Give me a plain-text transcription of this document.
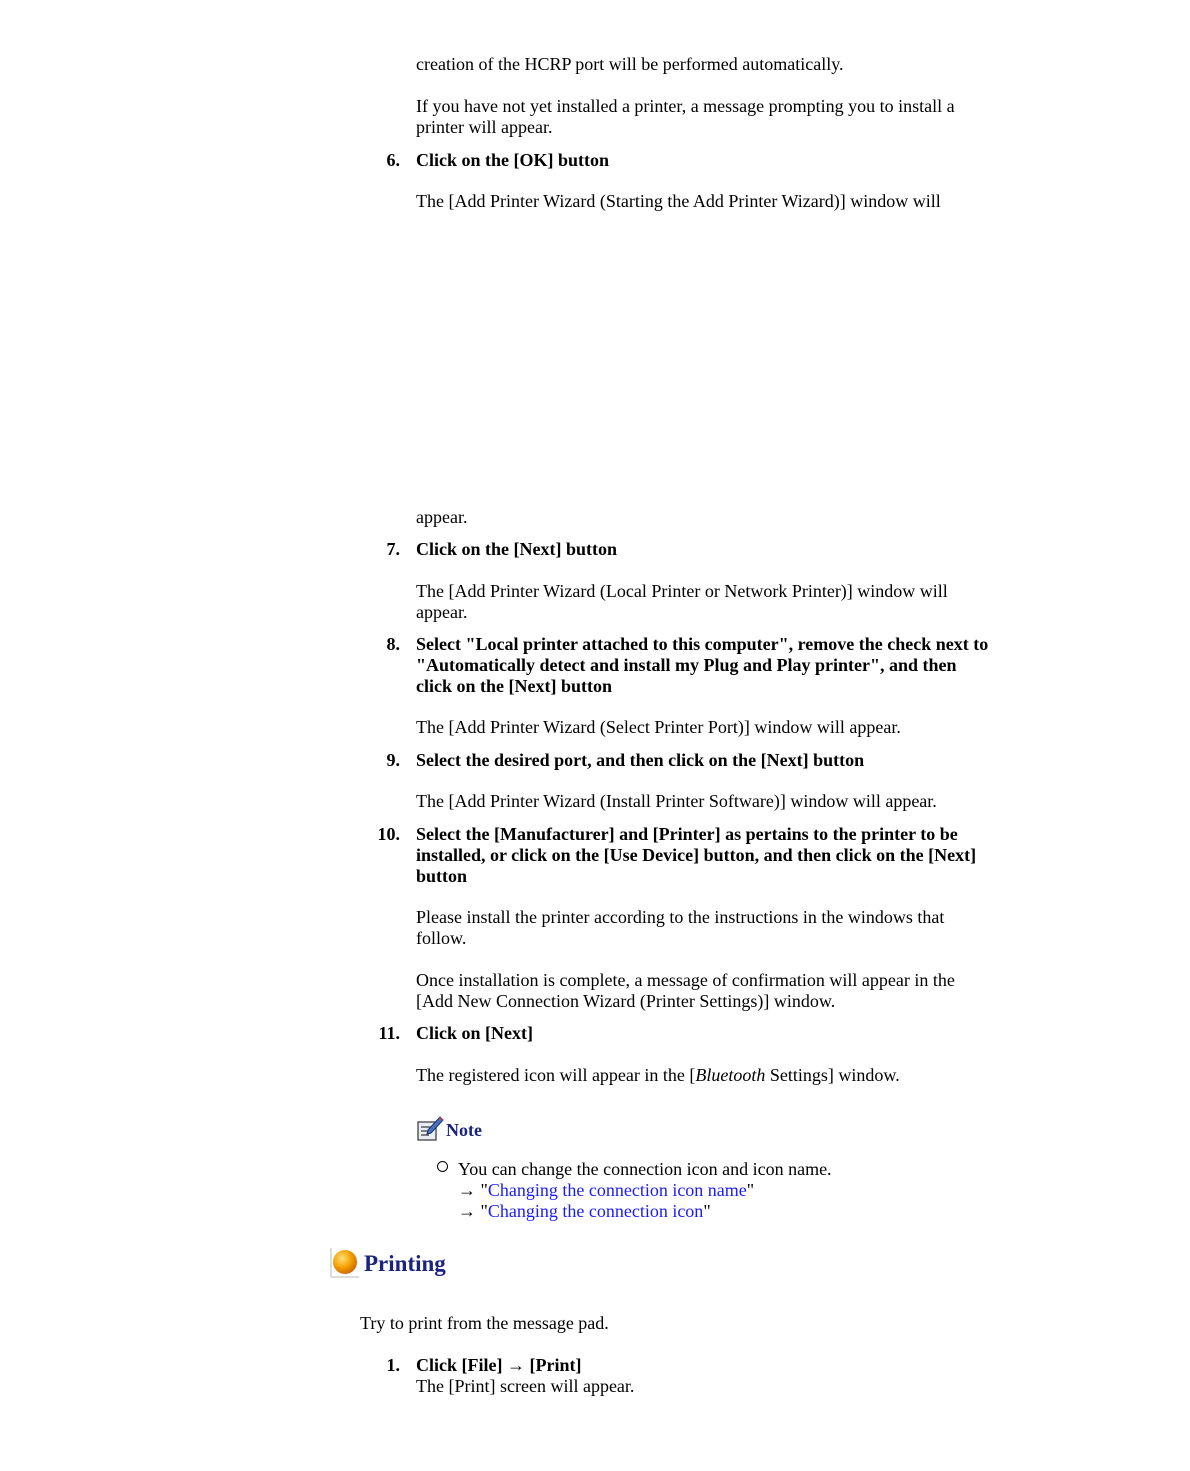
creation of the HCRP port will be performed automatically.

If you have not yet installed a printer, a message prompting you to install a
printer will appear.

6. Click on the [OK] button

The [Add Printer Wizard (Starting the Add Printer Wizard)] window will

appear.

7. Click on the [Next] button

The [Add Printer Wizard (Local Printer or Network Printer)] window will
appear.

8. Select "Local printer attached to this computer", remove the check next to
"Automatically detect and install my Plug and Play printer", and then
click on the [Next] button

The [Add Printer Wizard (Select Printer Port)] window will appear.

9. Select the desired port, and then click on the [Next] button

The [Add Printer Wizard (Install Printer Software)] window will appear.

10. Select the [Manufacturer] and [Printer] as pertains to the printer to be
installed, or click on the [Use Device] button, and then click on the [Next]
button

Please install the printer according to the instructions in the windows that
follow.

Once installation is complete, a message of confirmation will appear in the
[Add New Connection Wizard (Printer Settings)] window.

11. Click on [Next]

The registered icon will appear in the [Bluetooth Settings] window.

Note

You can change the connection icon and icon name.
→ "Changing the connection icon name"
→ "Changing the connection icon"

Printing

Try to print from the message pad.

1. Click [File] → [Print]

The [Print] screen will appear.
